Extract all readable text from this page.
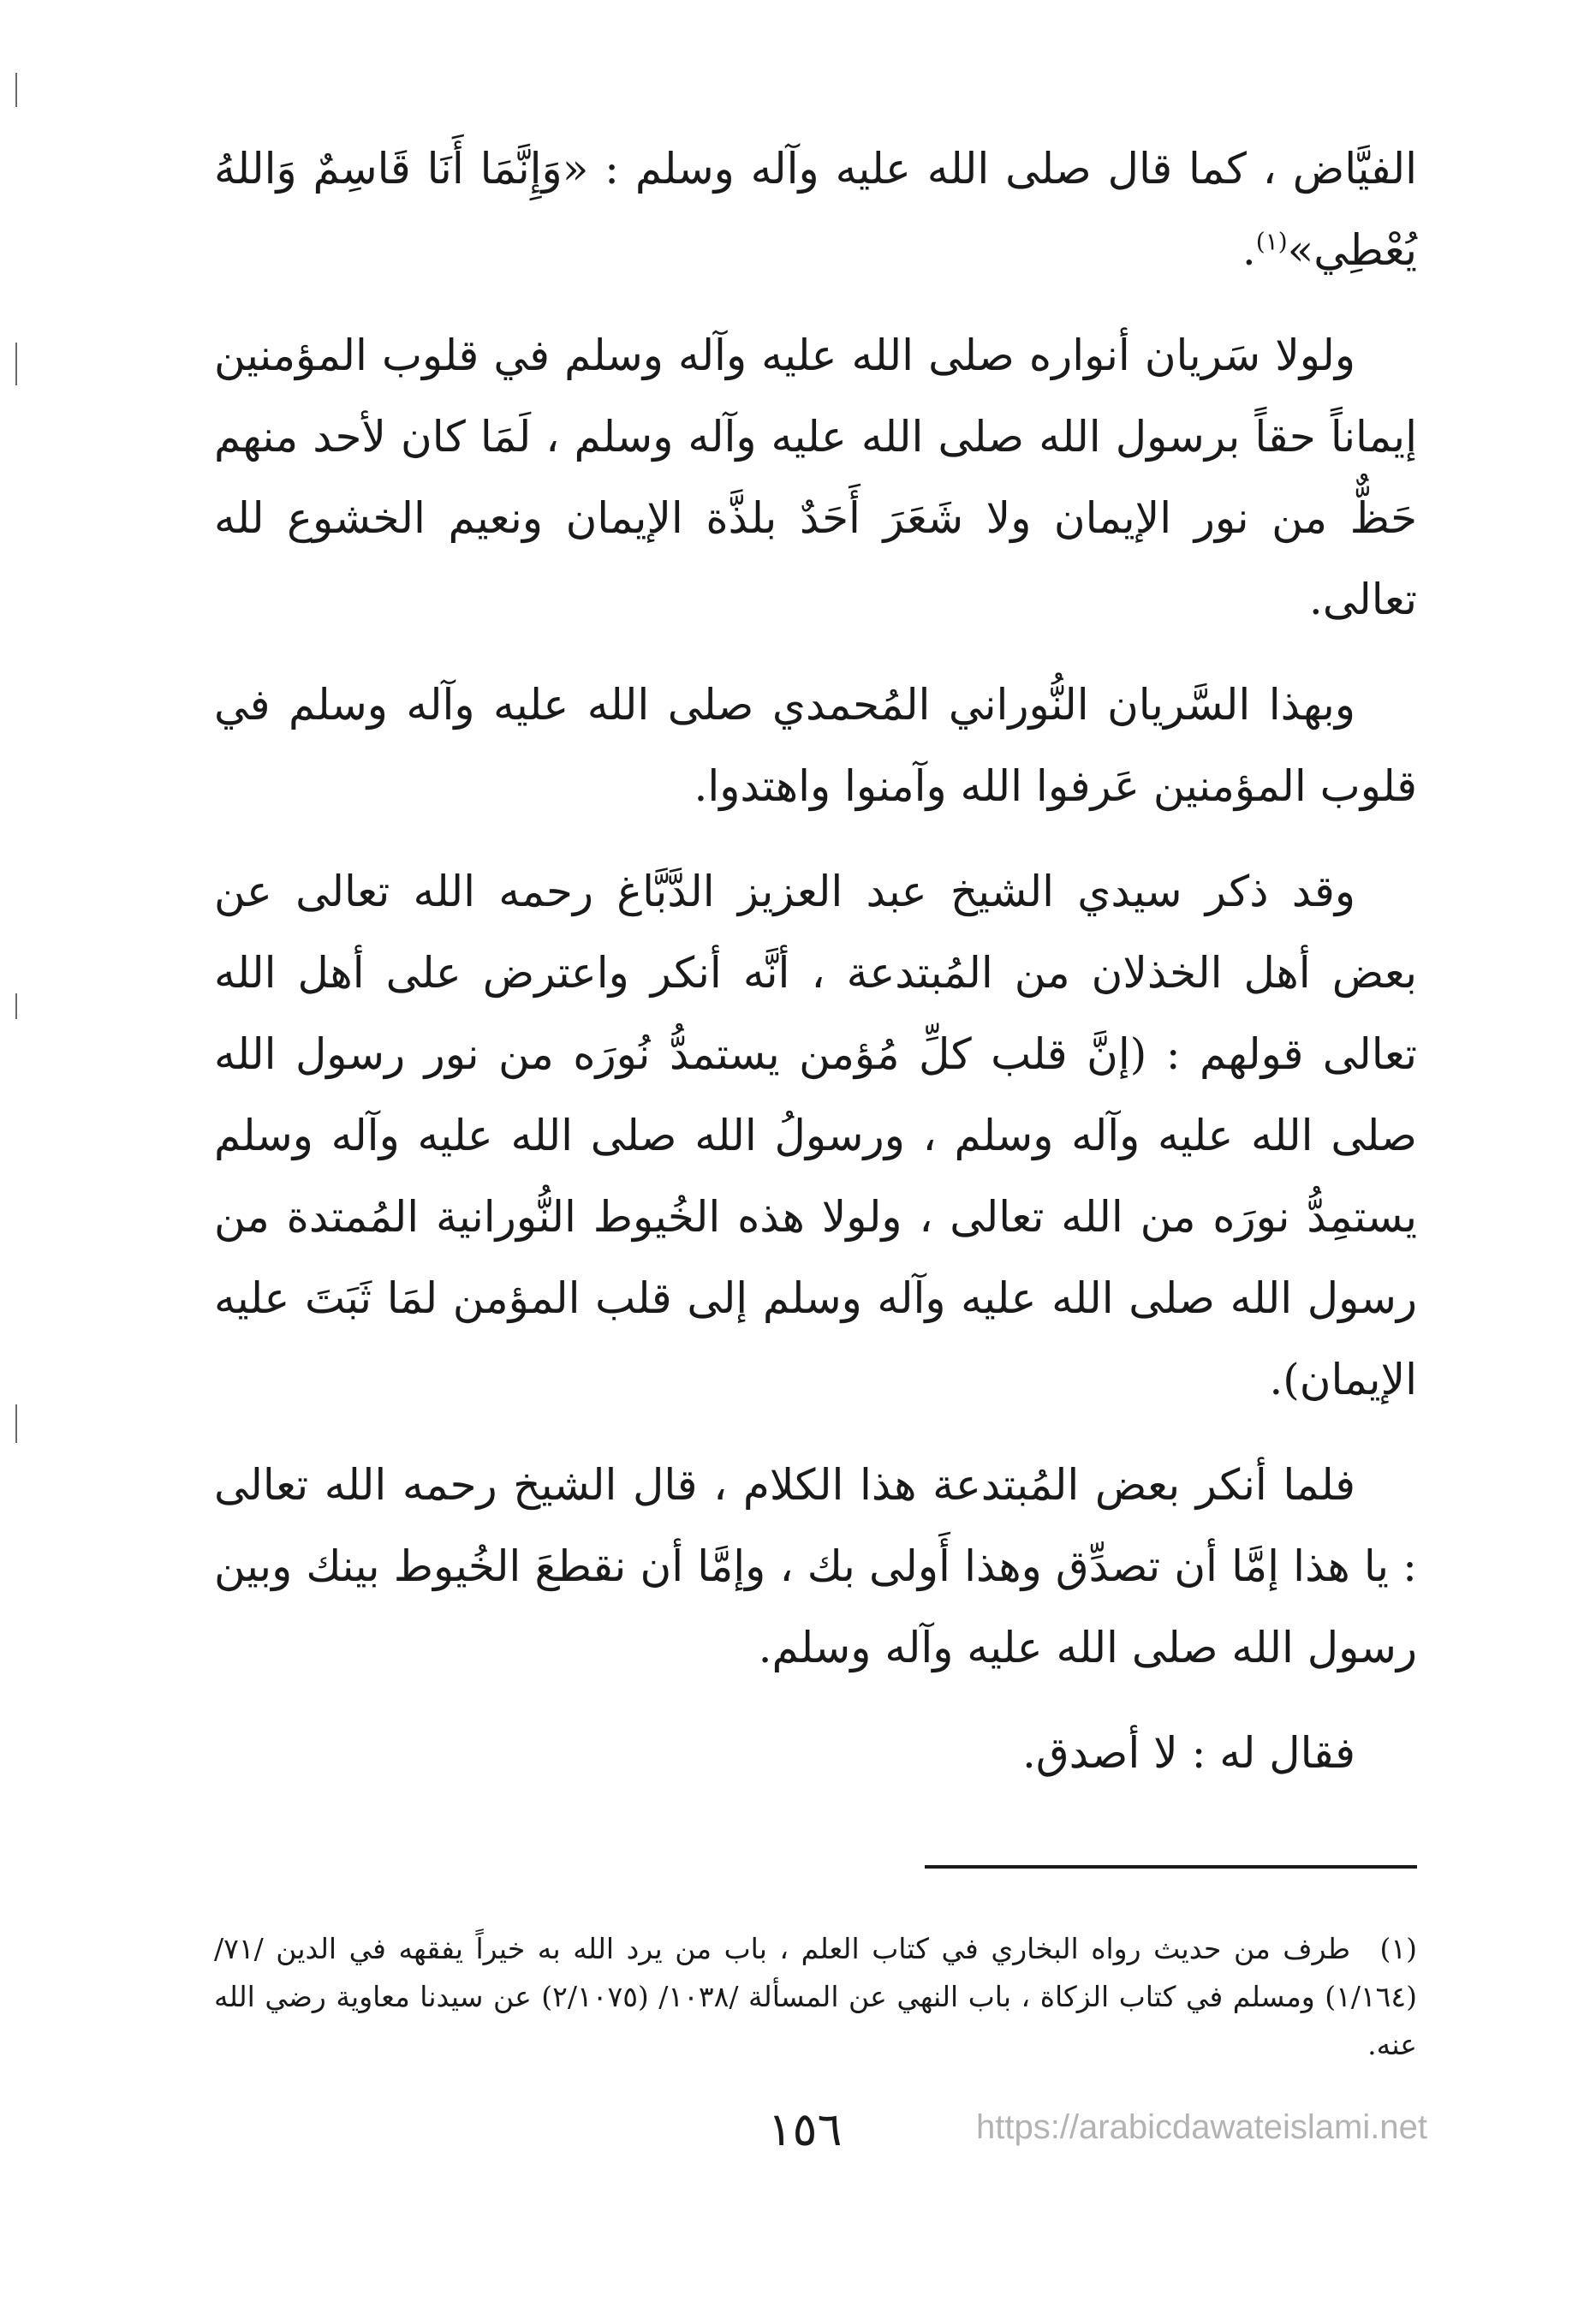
الفيَّاض ، كما قال صلى الله عليه وآله وسلم : «وَإِنَّمَا أَنَا قَاسِمٌ وَاللهُ يُعْطِي»$^{(١)}$.

ولولا سَريان أنواره صلى الله عليه وآله وسلم في قلوب المؤمنين إيماناً حقاً برسول الله صلى الله عليه وآله وسلم ، لَمَا كان لأحد منهم حَظٌّ من نور الإيمان ولا شَعَرَ أَحَدٌ بلذَّة الإيمان ونعيم الخشوع لله تعالى.

وبهذا السَّريان النُّوراني المُحمدي صلى الله عليه وآله وسلم في قلوب المؤمنين عَرفوا الله وآمنوا واهتدوا.

وقد ذكر سيدي الشيخ عبد العزيز الدَّبَّاغ رحمه الله تعالى عن بعض أهل الخذلان من المُبتدعة ، أنَّه أنكر واعترض على أهل الله تعالى قولهم : (إنَّ قلب كلِّ مُؤمن يستمدُّ نُورَه من نور رسول الله صلى الله عليه وآله وسلم ، ورسولُ الله صلى الله عليه وآله وسلم يستمِدُّ نورَه من الله تعالى ، ولولا هذه الخُيوط النُّورانية المُمتدة من رسول الله صلى الله عليه وآله وسلم إلى قلب المؤمن لمَا ثَبَتَ عليه الإيمان).

فلما أنكر بعض المُبتدعة هذا الكلام ، قال الشيخ رحمه الله تعالى : يا هذا إمَّا أن تصدِّق وهذا أَولى بك ، وإمَّا أن نقطعَ الخُيوط بينك وبين رسول الله صلى الله عليه وآله وسلم.

فقال له : لا أصدق.

(١)طرف من حديث رواه البخاري في كتاب العلم ، باب من يرد الله به خيراً يفقهه في الدين /٧١/ (١/١٦٤) ومسلم في كتاب الزكاة ، باب النهي عن المسألة /١٠٣٨/ (٢/١٠٧٥) عن سيدنا معاوية رضي الله عنه.
١٥٦	https://arabicdawateislami.net
